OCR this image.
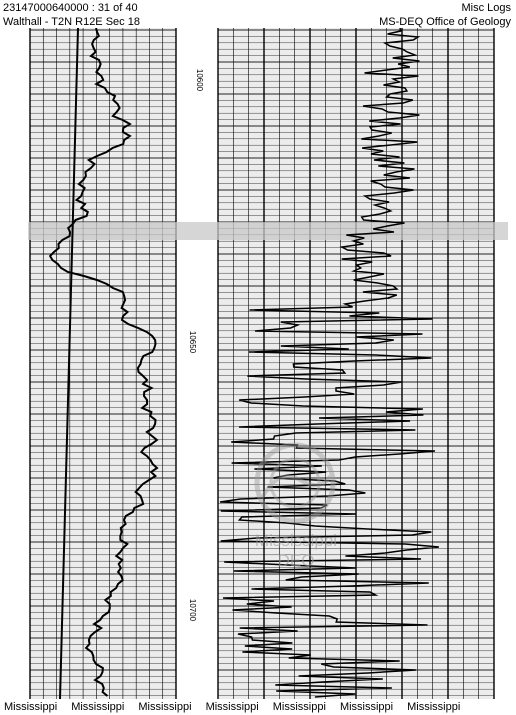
23147000640000 : 31 of 40
Walthall - T2N R12E Sec 18
Misc Logs
MS-DEQ Office of Geology
10600
10650
10700
Mississippi
DEQ
Mississippi Mississippi Mississippi Mississippi Mississippi Mississippi Mississippi
